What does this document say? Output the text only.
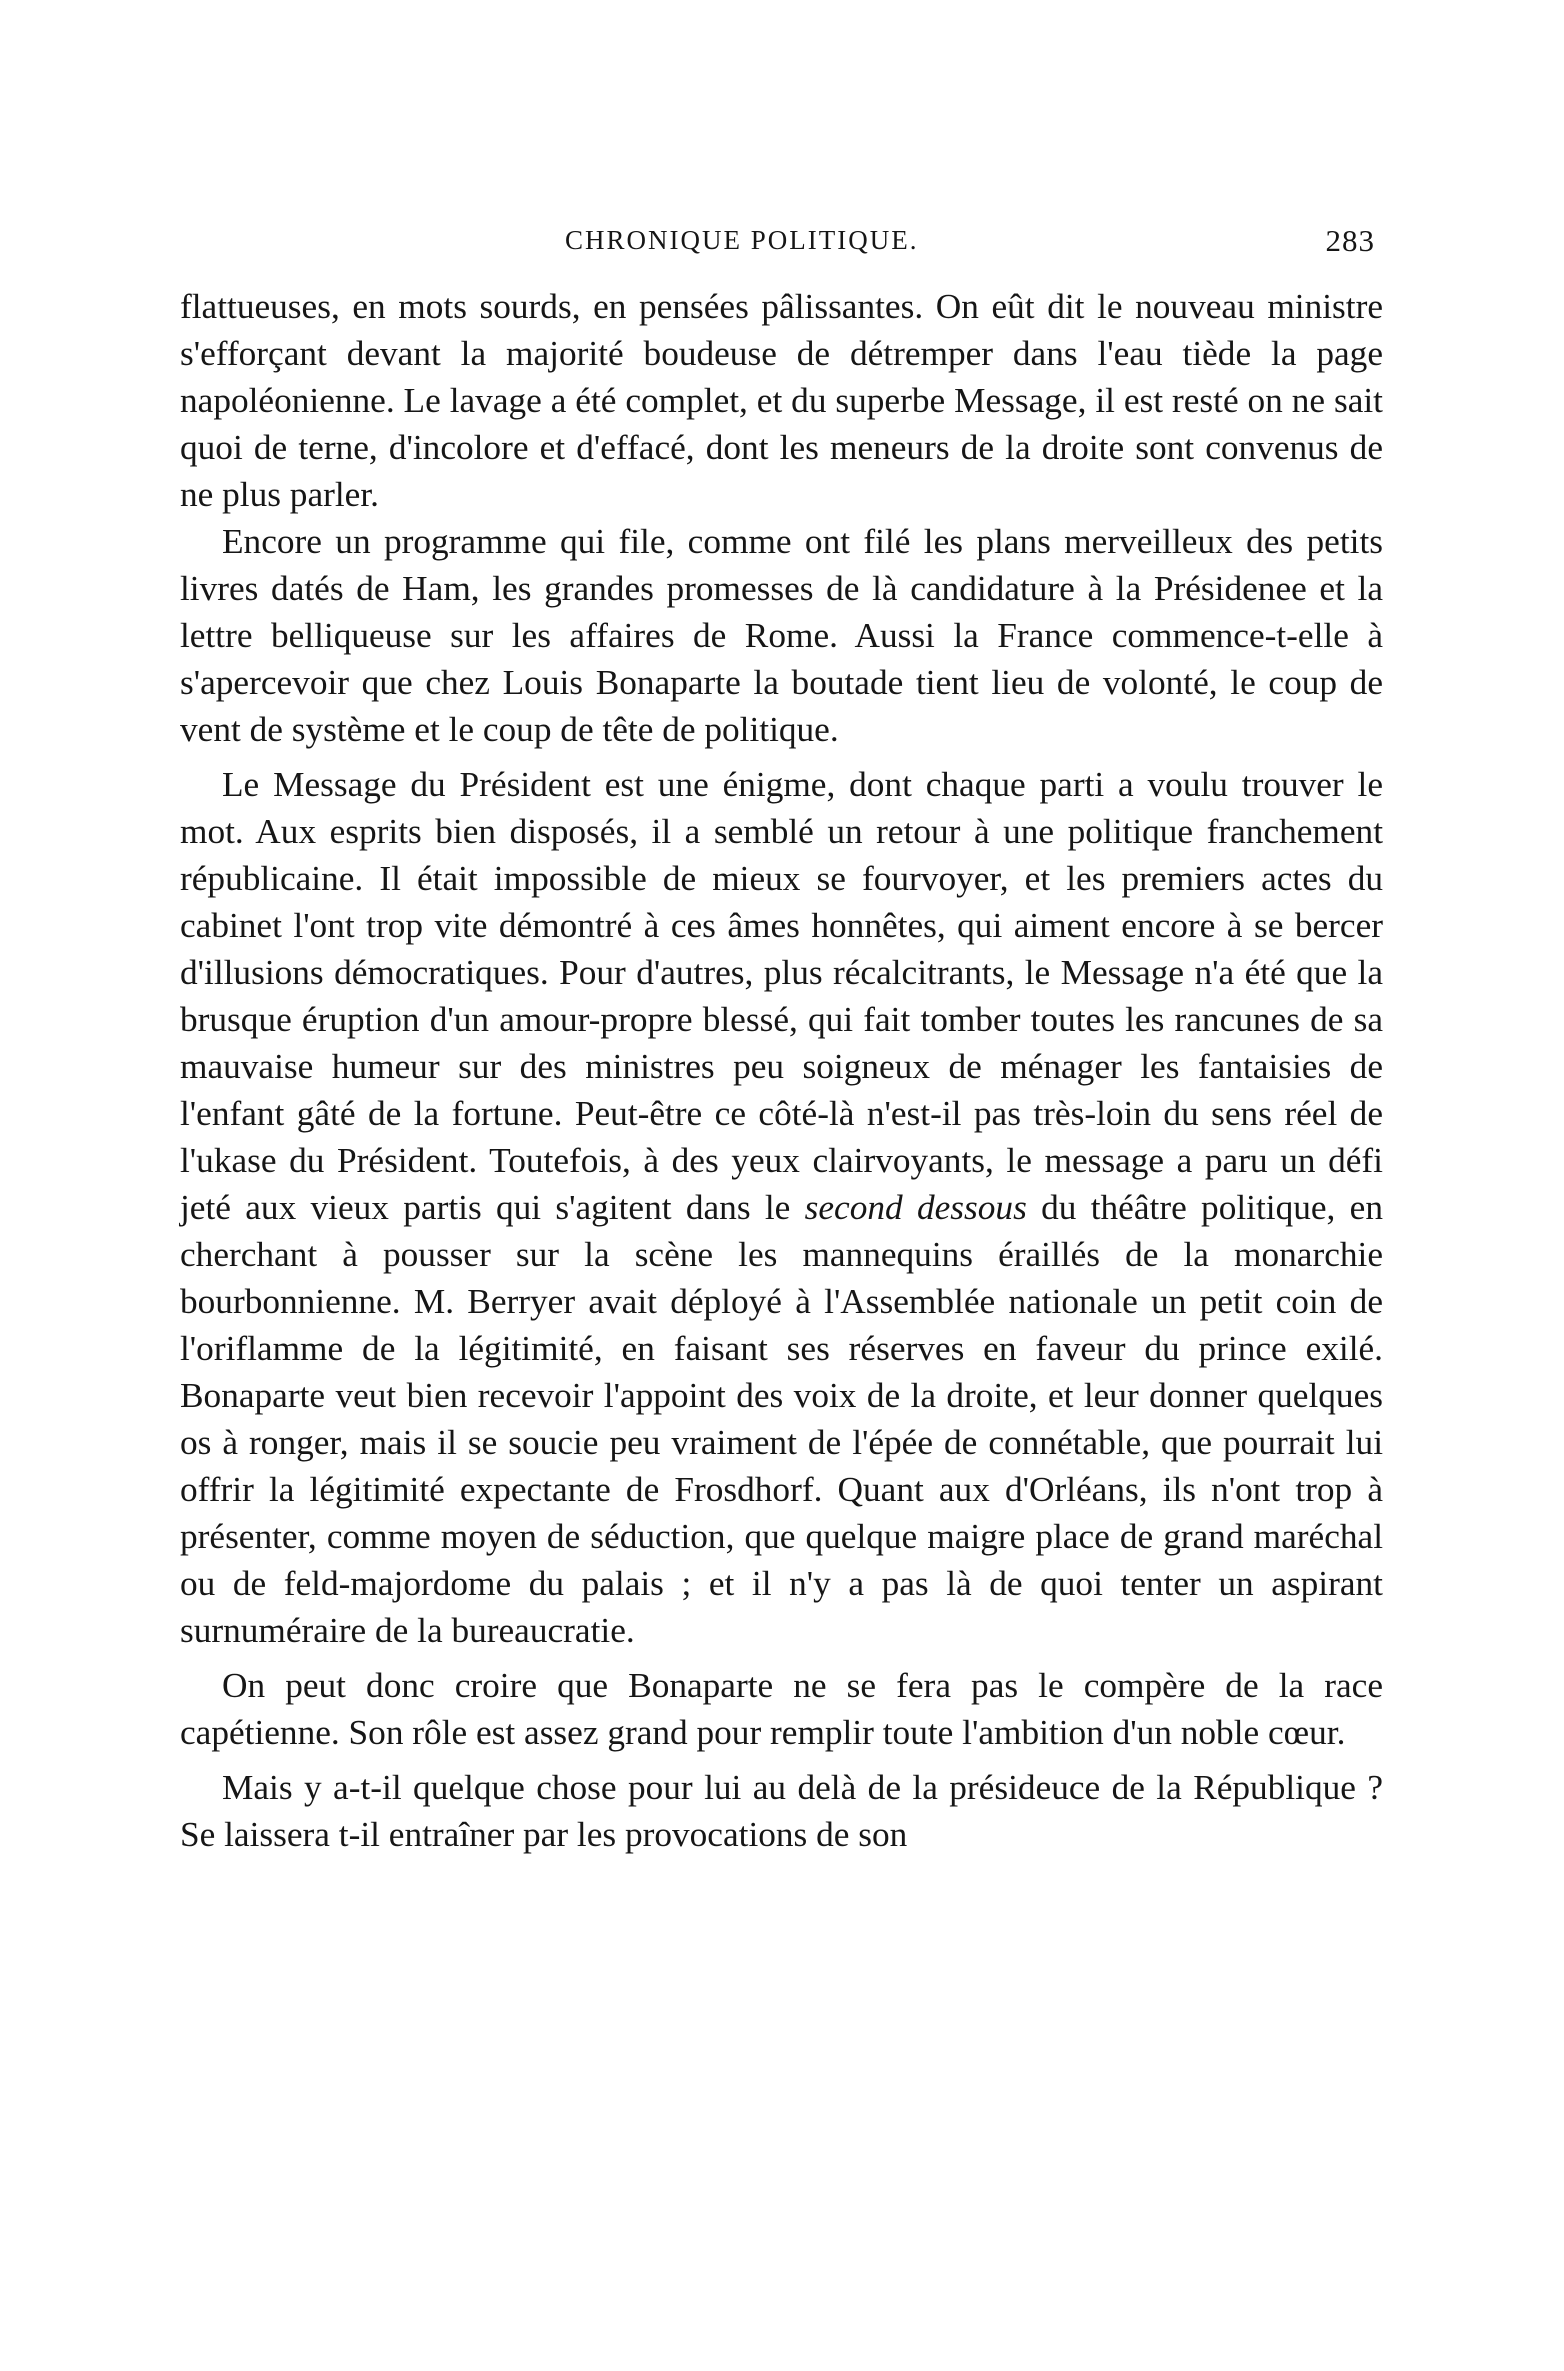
CHRONIQUE POLITIQUE.	283

flattueuses, en mots sourds, en pensées pâlissantes. On eût dit le nouveau ministre s'efforçant devant la majorité boudeuse de détremper dans l'eau tiède la page napoléonienne. Le lavage a été complet, et du superbe Message, il est resté on ne sait quoi de terne, d'incolore et d'effacé, dont les meneurs de la droite sont convenus de ne plus parler.

Encore un programme qui file, comme ont filé les plans merveilleux des petits livres datés de Ham, les grandes promesses de là candidature à la Présidenee et la lettre belliqueuse sur les affaires de Rome. Aussi la France commence-t-elle à s'apercevoir que chez Louis Bonaparte la boutade tient lieu de volonté, le coup de vent de système et le coup de tête de politique.

Le Message du Président est une énigme, dont chaque parti a voulu trouver le mot. Aux esprits bien disposés, il a semblé un retour à une politique franchement républicaine. Il était impossible de mieux se fourvoyer, et les premiers actes du cabinet l'ont trop vite démontré à ces âmes honnêtes, qui aiment encore à se bercer d'illusions démocratiques. Pour d'autres, plus récalcitrants, le Message n'a été que la brusque éruption d'un amour-propre blessé, qui fait tomber toutes les rancunes de sa mauvaise humeur sur des ministres peu soigneux de ménager les fantaisies de l'enfant gâté de la fortune. Peut-être ce côté-là n'est-il pas très-loin du sens réel de l'ukase du Président. Toutefois, à des yeux clairvoyants, le message a paru un défi jeté aux vieux partis qui s'agitent dans le second dessous du théâtre politique, en cherchant à pousser sur la scène les mannequins éraillés de la monarchie bourbonnienne. M. Berryer avait déployé à l'Assemblée nationale un petit coin de l'oriflamme de la légitimité, en faisant ses réserves en faveur du prince exilé. Bonaparte veut bien recevoir l'appoint des voix de la droite, et leur donner quelques os à ronger, mais il se soucie peu vraiment de l'épée de connétable, que pourrait lui offrir la légitimité expectante de Frosdhorf. Quant aux d'Orléans, ils n'ont trop à présenter, comme moyen de séduction, que quelque maigre place de grand maréchal ou de feld-majordome du palais ; et il n'y a pas là de quoi tenter un aspirant surnuméraire de la bureaucratie.

On peut donc croire que Bonaparte ne se fera pas le compère de la race capétienne. Son rôle est assez grand pour remplir toute l'ambition d'un noble cœur.

Mais y a-t-il quelque chose pour lui au delà de la présideuce de la République ? Se laissera t-il entraîner par les provocations de son
